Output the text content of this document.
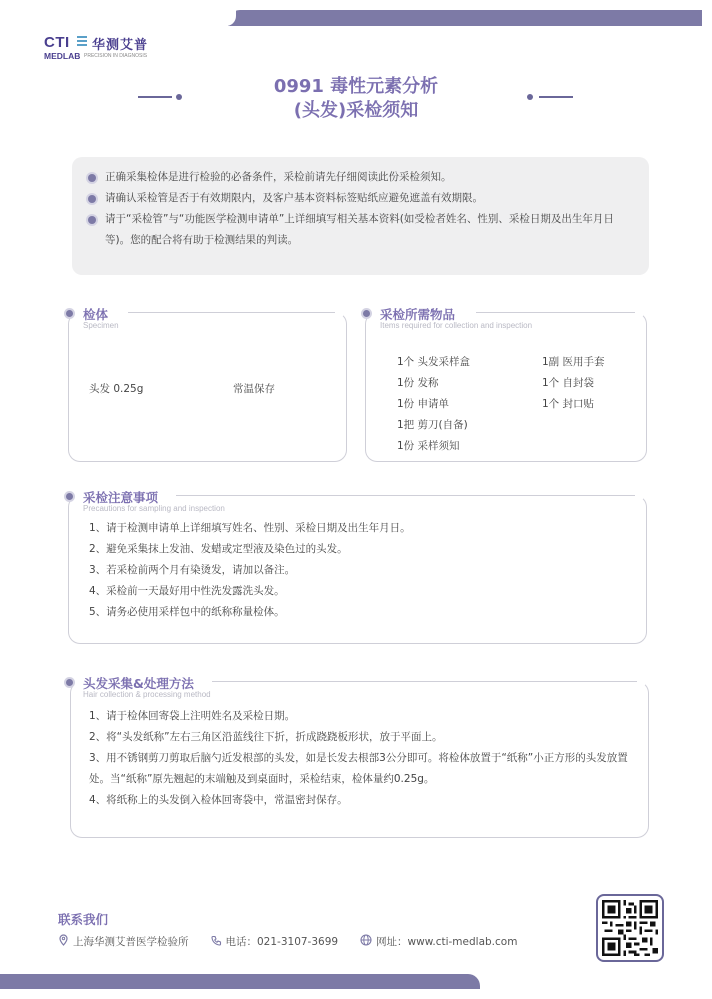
CTI 华测艾普
MEDLAB PRECISION IN DIAGNOSIS
0991 毒性元素分析
(头发)采检须知
正确采集检体是进行检验的必备条件，采检前请先仔细阅读此份采检须知。
请确认采检管是否于有效期限内，及客户基本资料标签贴纸应避免遮盖有效期限。
请于“采检管”与“功能医学检测申请单”上详细填写相关基本资料(如受检者姓名、性别、采检日期及出生年月日等)。您的配合将有助于检测结果的判读。
检体
Specimen
头发 0.25g	常温保存
采检所需物品
Items required for collection and inspection
1个 头发采样盒
1份 发称
1份 申请单
1把 剪刀(自备)
1份 采样须知
1副 医用手套
1个 自封袋
1个 封口贴
采检注意事项
Precautions for sampling and inspection
1、请于检测申请单上详细填写姓名、性别、采检日期及出生年月日。
2、避免采集抹上发油、发蜡或定型液及染色过的头发。
3、若采检前两个月有染烫发，请加以备注。
4、采检前一天最好用中性洗发露洗头发。
5、请务必使用采样包中的纸称称量检体。
头发采集&处理方法
Hair collection & processing method
1、请于检体回寄袋上注明姓名及采检日期。
2、将“头发纸称”左右三角区沿蓝线往下折，折成跷跷板形状，放于平面上。
3、用不锈钢剪刀剪取后脑勺近发根部的头发，如是长发去根部3公分即可。将检体放置于“纸称”小正方形的头发放置处。当“纸称”原先翘起的末端触及到桌面时，采检结束，检体量约0.25g。
4、将纸称上的头发倒入检体回寄袋中，常温密封保存。
联系我们
上海华测艾普医学检验所	电话：021-3107-3699	网址：www.cti-medlab.com
